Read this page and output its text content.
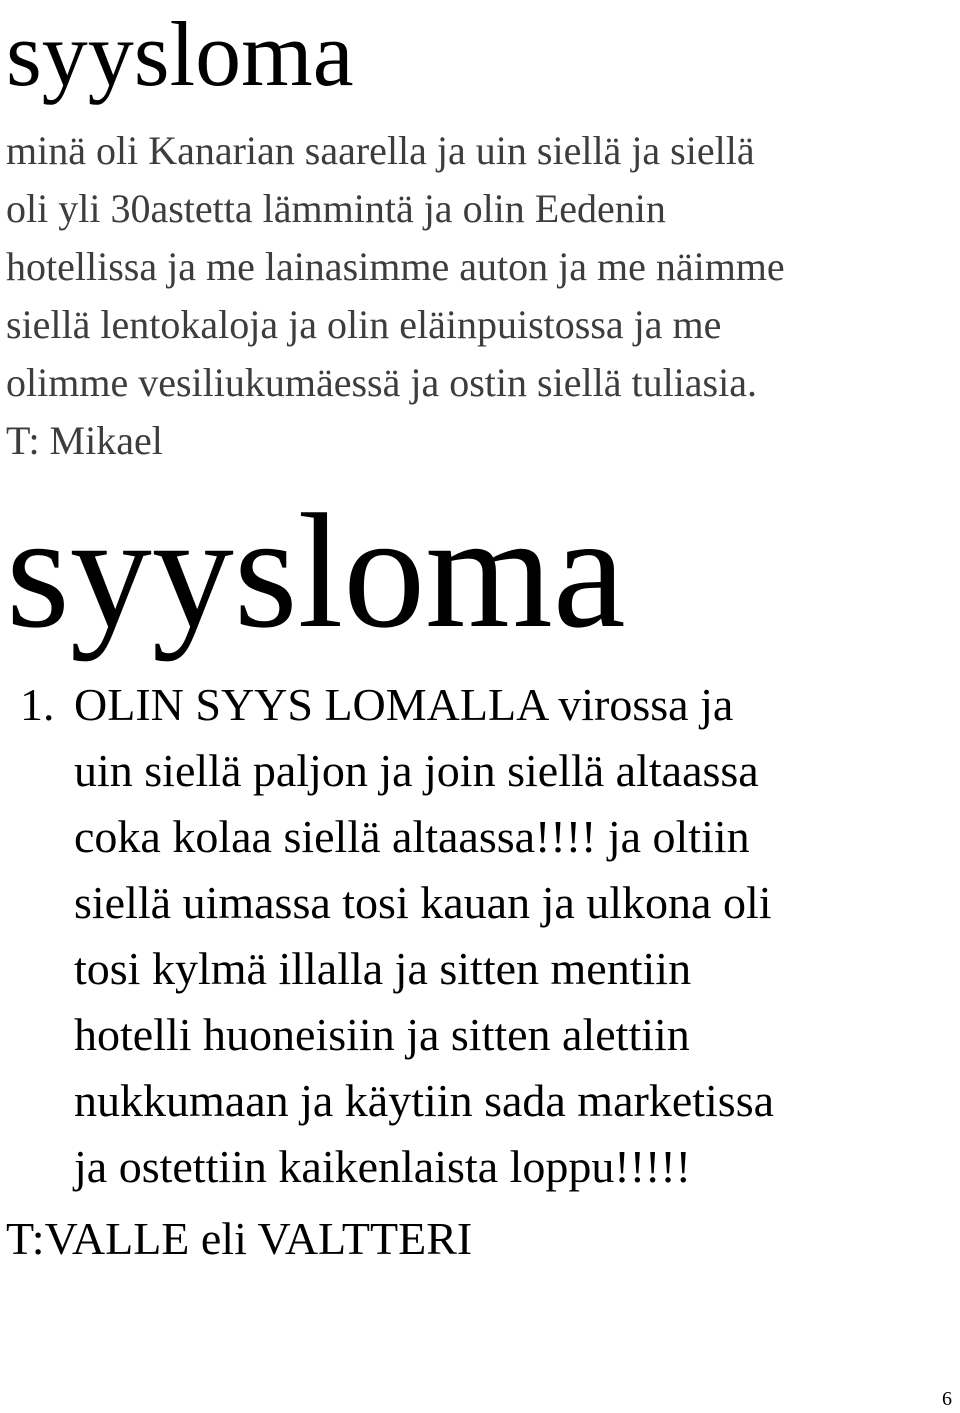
syysloma
minä oli Kanarian saarella ja uin siellä ja siellä
oli yli 30astetta lämmintä ja olin Eedenin
hotellissa ja me lainasimme auton ja me näimme
siellä lentokaloja ja olin eläinpuistossa ja me
olimme vesiliukumäessä ja ostin siellä tuliasia.
T: Mikael
syysloma
1. OLIN SYYS LOMALLA virossa ja
uin siellä paljon ja join siellä altaassa
coka kolaa siellä altaassa!!!! ja oltiin
siellä uimassa tosi kauan ja ulkona oli
tosi kylmä illalla ja sitten mentiin
hotelli huoneisiin ja sitten alettiin
nukkumaan ja käytiin sada marketissa
ja ostettiin kaikenlaista loppu!!!!!
T:VALLE eli VALTTERI
6
